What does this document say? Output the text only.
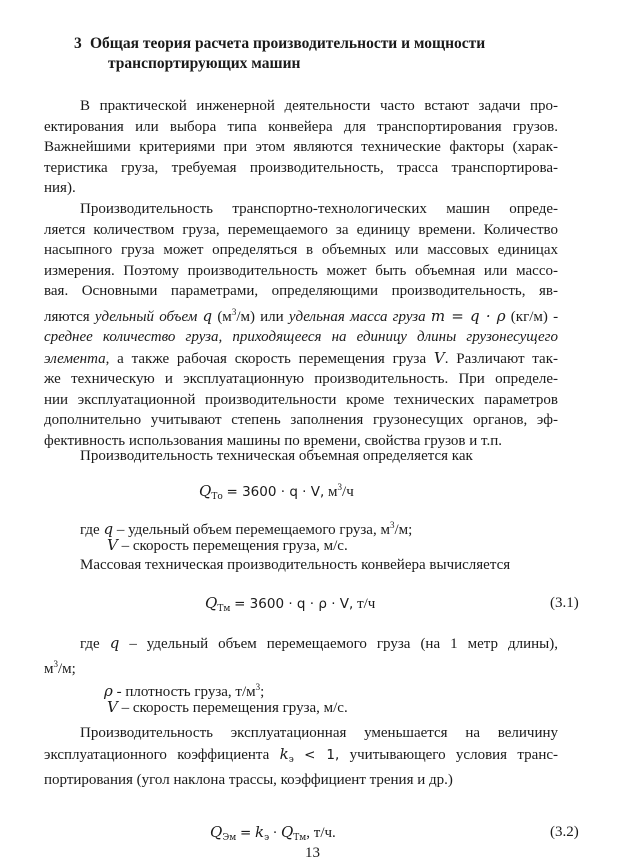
3 Общая теория расчета производительности и мощности
транспортирующих машин
В практической инженерной деятельности часто встают задачи про-
ектирования или выбора типа конвейера для транспортирования грузов.
Важнейшими критериями при этом являются технические факторы (харак-
теристика груза, требуемая производительность, трасса транспортирова-
ния).
Производительность транспортно-технологических машин опреде-
ляется количеством груза, перемещаемого за единицу времени. Количество
насыпного груза может определяться в объемных или массовых единицах
измерения. Поэтому производительность может быть объемная или массо-
вая. Основными параметрами, определяющими производительность, яв-
ляются удельный объем q $(м^3/м)$ или удельная масса груза m = q · ρ (кг/м) -
среднее количество груза, приходящееся на единицу длины грузонесущего
элемента, а также рабочая скорость перемещения груза V. Различают так-
же техническую и эксплуатационную производительность. При определе-
нии эксплуатационной производительности кроме технических параметров
дополнительно учитывают степень заполнения грузонесущих органов, эф-
фективность использования машины по времени, свойства грузов и т.п.
Производительность техническая объемная определяется как
$Q_{То} = 3600 \cdot q \cdot V$, $м^3/ч$
где q – удельный объем перемещаемого груза, $м^3/м$;
V – скорость перемещения груза, м/с.
Массовая техническая производительность конвейера вычисляется
$Q_{Тм} = 3600 \cdot q \cdot \rho \cdot V$, т/ч	(3.1)
где q – удельный объем перемещаемого груза (на 1 метр длины),
$м^3/м$;
ρ - плотность груза, $т/м^3$;
V – скорость перемещения груза, м/с.
Производительность эксплуатационная уменьшается на величину
эксплуатационного коэффициента $k_э < 1$, учитывающего условия транс-
портирования (угол наклона трассы, коэффициент трения и др.)
$Q_{Эм} = k_э \cdot Q_{Тм}$, т/ч.	(3.2)
13
